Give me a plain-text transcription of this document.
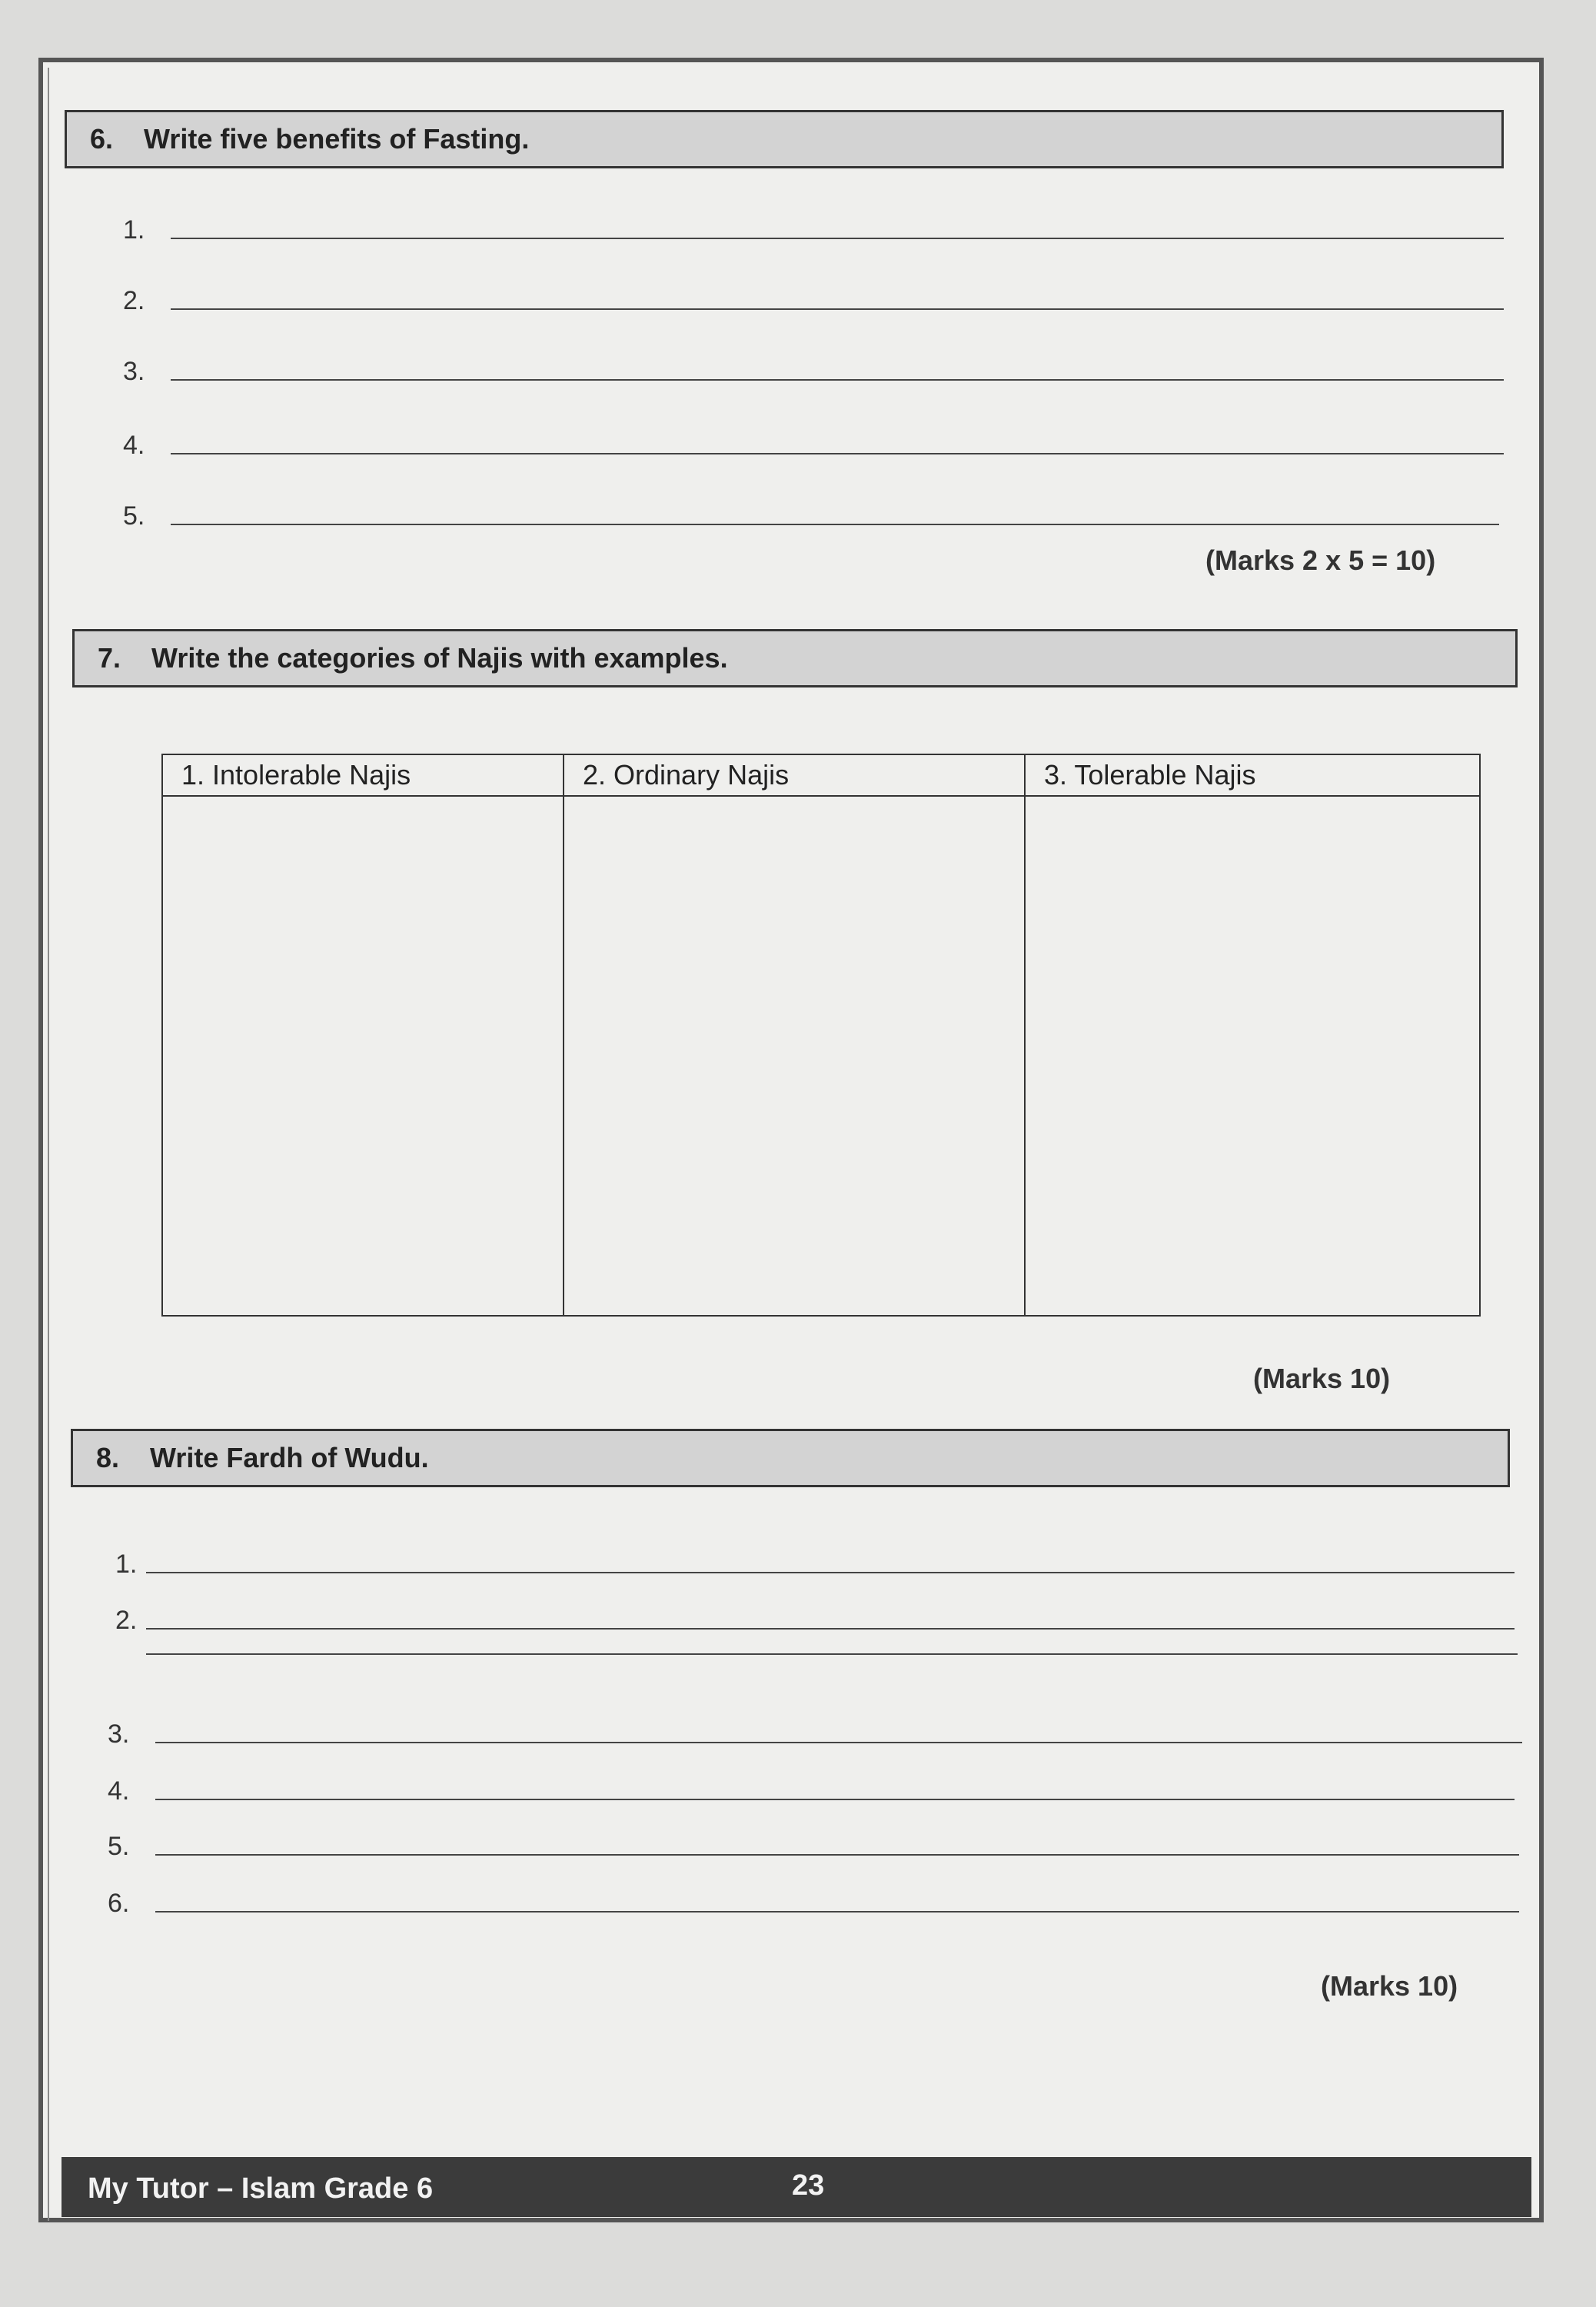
6.	Write five benefits of Fasting.
1.
2.
3.
4.
5.
(Marks 2 x 5 = 10)
7.	Write the categories of Najis with examples.
1. Intolerable Najis	2. Ordinary Najis	3. Tolerable Najis

(Marks 10)
8.	Write Fardh of Wudu.
1.
2.
3.
4.
5.
6.
(Marks 10)
My Tutor – Islam Grade 6	23
